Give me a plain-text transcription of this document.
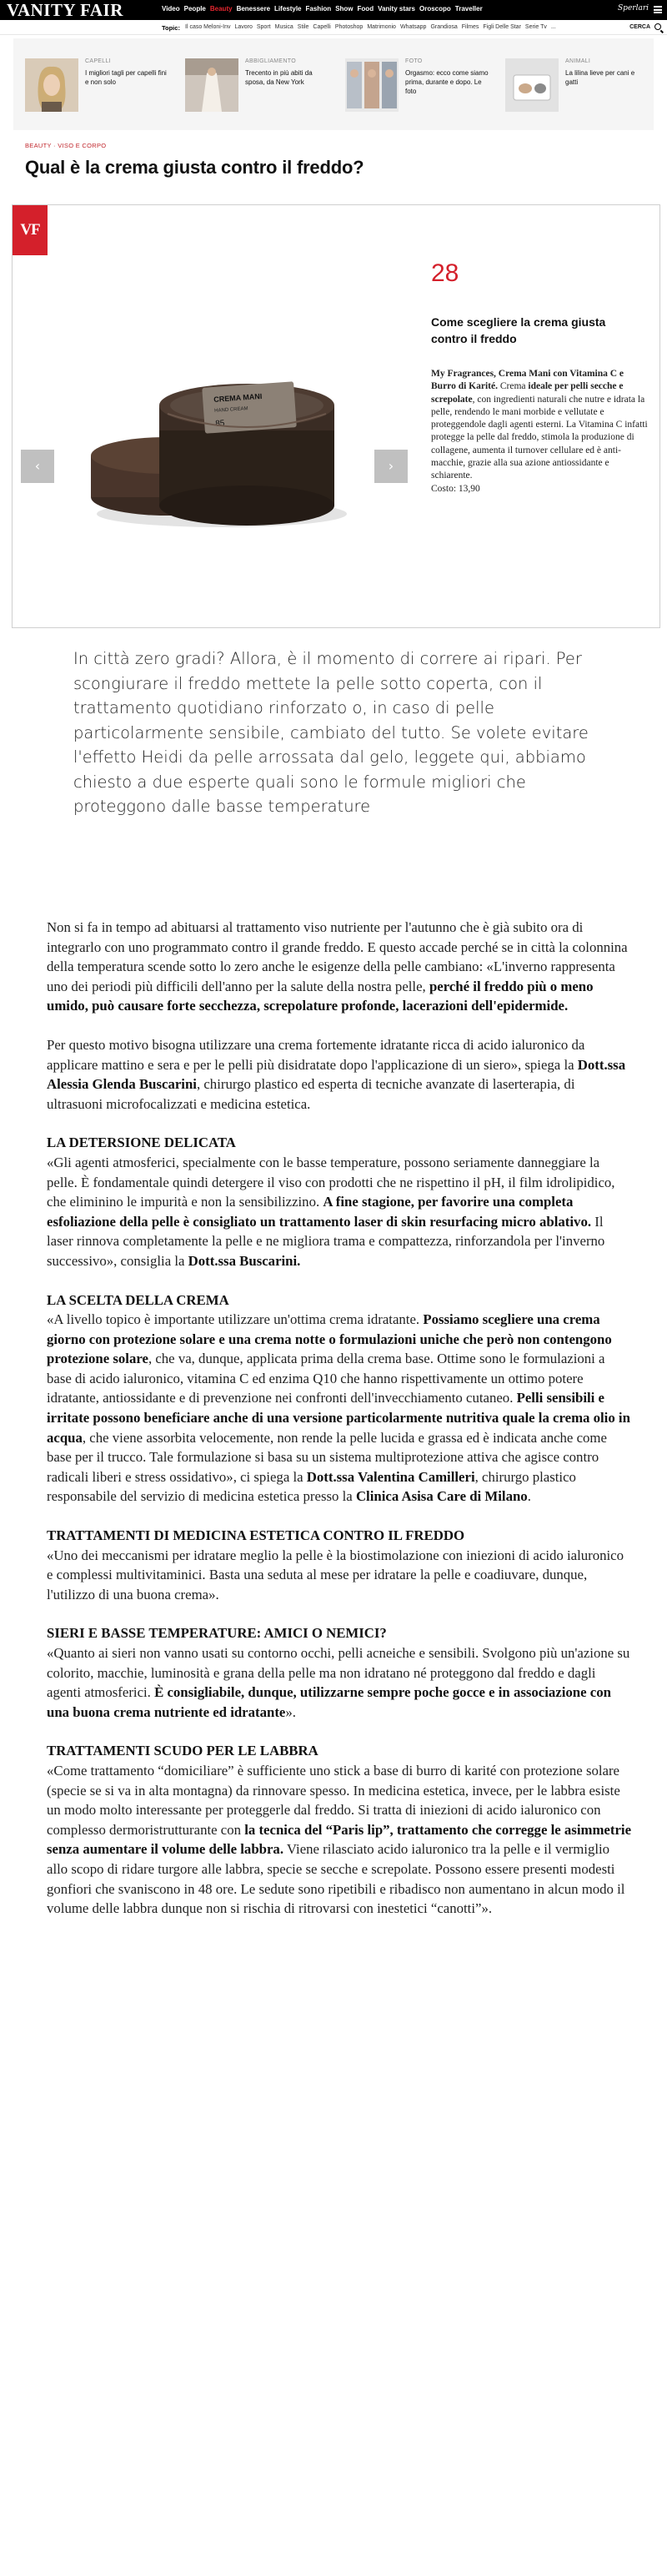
VANITY FAIR	Video People Beauty Benessere Lifestyle Fashion Show Food Vanity stars Oroscopo Traveller	Sperlari
Topic: Il caso Meloni-Inv Lavoro Sport Musica Stile Capelli Photoshop Matrimonio Whatsapp Grandiosa Filmes Figli Delle Star Serie Tv ...	CERCA
CAPELLI
I migliori tagli per capelli fini e non solo
ABBIGLIAMENTO
Trecento in più abiti da sposa, da New York
FOTO
Orgasmo: ecco come siamo prima, durante e dopo. Le foto
ANIMALI
La lilina lieve per cani e gatti
BEAUTY · VISO E CORPO
Qual è la crema giusta contro il freddo?
VF
CREMA MANI
HAND CREAM
85
‹	›
28
Come scegliere la crema giusta contro il freddo
My Fragrances, Crema Mani con Vitamina C e Burro di Karité. Crema ideale per pelli secche e screpolate, con ingredienti naturali che nutre e idrata la pelle, rendendo le mani morbide e vellutate e proteggendole dagli agenti esterni. La Vitamina C infatti protegge la pelle dal freddo, stimola la produzione di collagene, aumenta il turnover cellulare ed è anti-macchie, grazie alla sua azione antiossidante e schiarente.
Costo: 13,90

In città zero gradi? Allora, è il momento di correre ai ripari. Per scongiurare il freddo mettete la pelle sotto coperta, con il trattamento quotidiano rinforzato o, in caso di pelle particolarmente sensibile, cambiato del tutto. Se volete evitare l'effetto Heidi da pelle arrossata dal gelo, leggete qui, abbiamo chiesto a due esperte quali sono le formule migliori che proteggono dalle basse temperature

Non si fa in tempo ad abituarsi al trattamento viso nutriente per l'autunno che è già subito ora di integrarlo con uno programmato contro il grande freddo. E questo accade perché se in città la colonnina della temperatura scende sotto lo zero anche le esigenze della pelle cambiano: «L'inverno rappresenta uno dei periodi più difficili dell'anno per la salute della nostra pelle, perché il freddo più o meno umido, può causare forte secchezza, screpolature profonde, lacerazioni dell'epidermide.

Per questo motivo bisogna utilizzare una crema fortemente idratante ricca di acido ialuronico da applicare mattino e sera e per le pelli più disidratate dopo l'applicazione di un siero», spiega la Dott.ssa Alessia Glenda Buscarini, chirurgo plastico ed esperta di tecniche avanzate di laserterapia, di ultrasuoni microfocalizzati e medicina estetica.

LA DETERSIONE DELICATA

«Gli agenti atmosferici, specialmente con le basse temperature, possono seriamente danneggiare la pelle. È fondamentale quindi detergere il viso con prodotti che ne rispettino il pH, il film idrolipidico, che eliminino le impurità e non la sensibilizzino. A fine stagione, per favorire una completa esfoliazione della pelle è consigliato un trattamento laser di skin resurfacing micro ablativo. Il laser rinnova completamente la pelle e ne migliora trama e compattezza, rinforzandola per l'inverno successivo», consiglia la Dott.ssa Buscarini.

LA SCELTA DELLA CREMA

«A livello topico è importante utilizzare un'ottima crema idratante. Possiamo scegliere una crema giorno con protezione solare e una crema notte o formulazioni uniche che però non contengono protezione solare, che va, dunque, applicata prima della crema base. Ottime sono le formulazioni a base di acido ialuronico, vitamina C ed enzima Q10 che hanno rispettivamente un ottimo potere idratante, antiossidante e di prevenzione nei confronti dell'invecchiamento cutaneo. Pelli sensibili e irritate possono beneficiare anche di una versione particolarmente nutritiva quale la crema olio in acqua, che viene assorbita velocemente, non rende la pelle lucida e grassa ed è indicata anche come base per il trucco. Tale formulazione si basa su un sistema multiprotezione attiva che agisce contro radicali liberi e stress ossidativo», ci spiega la Dott.ssa Valentina Camilleri, chirurgo plastico responsabile del servizio di medicina estetica presso la Clinica Asisa Care di Milano.

TRATTAMENTI DI MEDICINA ESTETICA CONTRO IL FREDDO

«Uno dei meccanismi per idratare meglio la pelle è la biostimolazione con iniezioni di acido ialuronico e complessi multivitaminici. Basta una seduta al mese per idratare la pelle e coadiuvare, dunque, l'utilizzo di una buona crema».

SIERI E BASSE TEMPERATURE: AMICI O NEMICI?

«Quanto ai sieri non vanno usati su contorno occhi, pelli acneiche e sensibili. Svolgono più un'azione su colorito, macchie, luminosità e grana della pelle ma non idratano né proteggono dal freddo e dagli agenti atmosferici. È consigliabile, dunque, utilizzarne sempre poche gocce e in associazione con una buona crema nutriente ed idratante».

TRATTAMENTI SCUDO PER LE LABBRA

«Come trattamento “domiciliare” è sufficiente uno stick a base di burro di karité con protezione solare (specie se si va in alta montagna) da rinnovare spesso. In medicina estetica, invece, per le labbra esiste un modo molto interessante per proteggerle dal freddo. Si tratta di iniezioni di acido ialuronico con complesso dermoristrutturante con la tecnica del “Paris lip”, trattamento che corregge le asimmetrie senza aumentare il volume delle labbra. Viene rilasciato acido ialuronico tra la pelle e il vermiglio allo scopo di ridare turgore alle labbra, specie se secche e screpolate. Possono essere presenti modesti gonfiori che svaniscono in 48 ore. Le sedute sono ripetibili e ribadisco non aumentano in alcun modo il volume delle labbra dunque non si rischia di ritrovarsi con inestetici “canotti”».
